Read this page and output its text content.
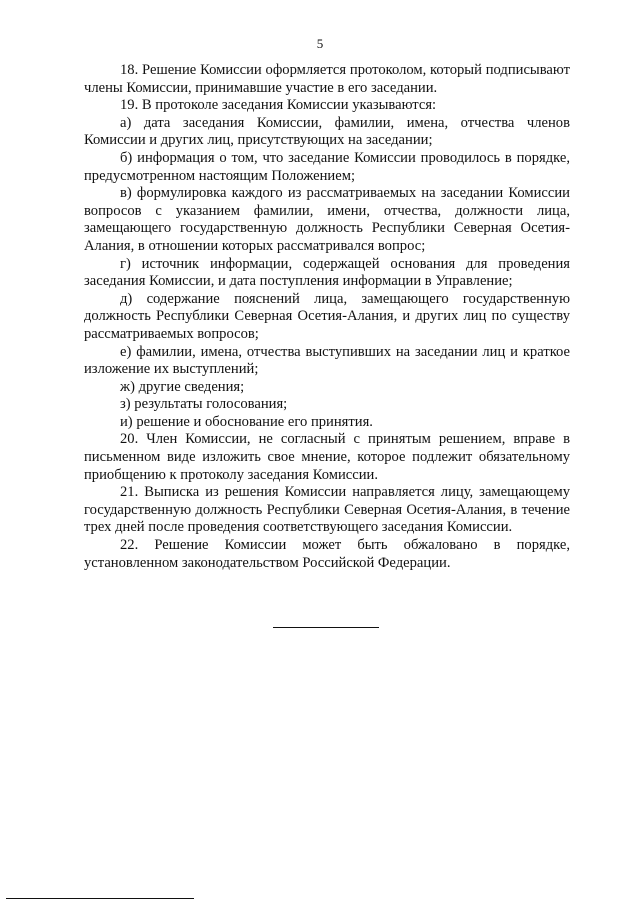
5

18. Решение Комиссии оформляется протоколом, который подписывают члены Комиссии, принимавшие участие в его заседании.

19. В протоколе заседания Комиссии указываются:

а) дата заседания Комиссии, фамилии, имена, отчества членов Комиссии и других лиц, присутствующих на заседании;

б) информация о том, что заседание Комиссии проводилось в порядке, предусмотренном настоящим Положением;

в) формулировка каждого из рассматриваемых на заседании Комиссии вопросов с указанием фамилии, имени, отчества, должности лица, замещающего государственную должность Республики Северная Осетия-Алания, в отношении которых рассматривался вопрос;

г) источник информации, содержащей основания для проведения заседания Комиссии, и дата поступления информации в Управление;

д) содержание пояснений лица, замещающего государственную должность Республики Северная Осетия-Алания, и других лиц по существу рассматриваемых вопросов;

е) фамилии, имена, отчества выступивших на заседании лиц и краткое изложение их выступлений;

ж) другие сведения;

з) результаты голосования;

и) решение и обоснование его принятия.

20. Член Комиссии, не согласный с принятым решением, вправе в письменном виде изложить свое мнение, которое подлежит обязательному приобщению к протоколу заседания Комиссии.

21. Выписка из решения Комиссии направляется лицу, замещающему государственную должность Республики Северная Осетия-Алания, в течение трех дней после проведения соответствующего заседания Комиссии.

22. Решение Комиссии может быть обжаловано в порядке, установленном законодательством Российской Федерации.
